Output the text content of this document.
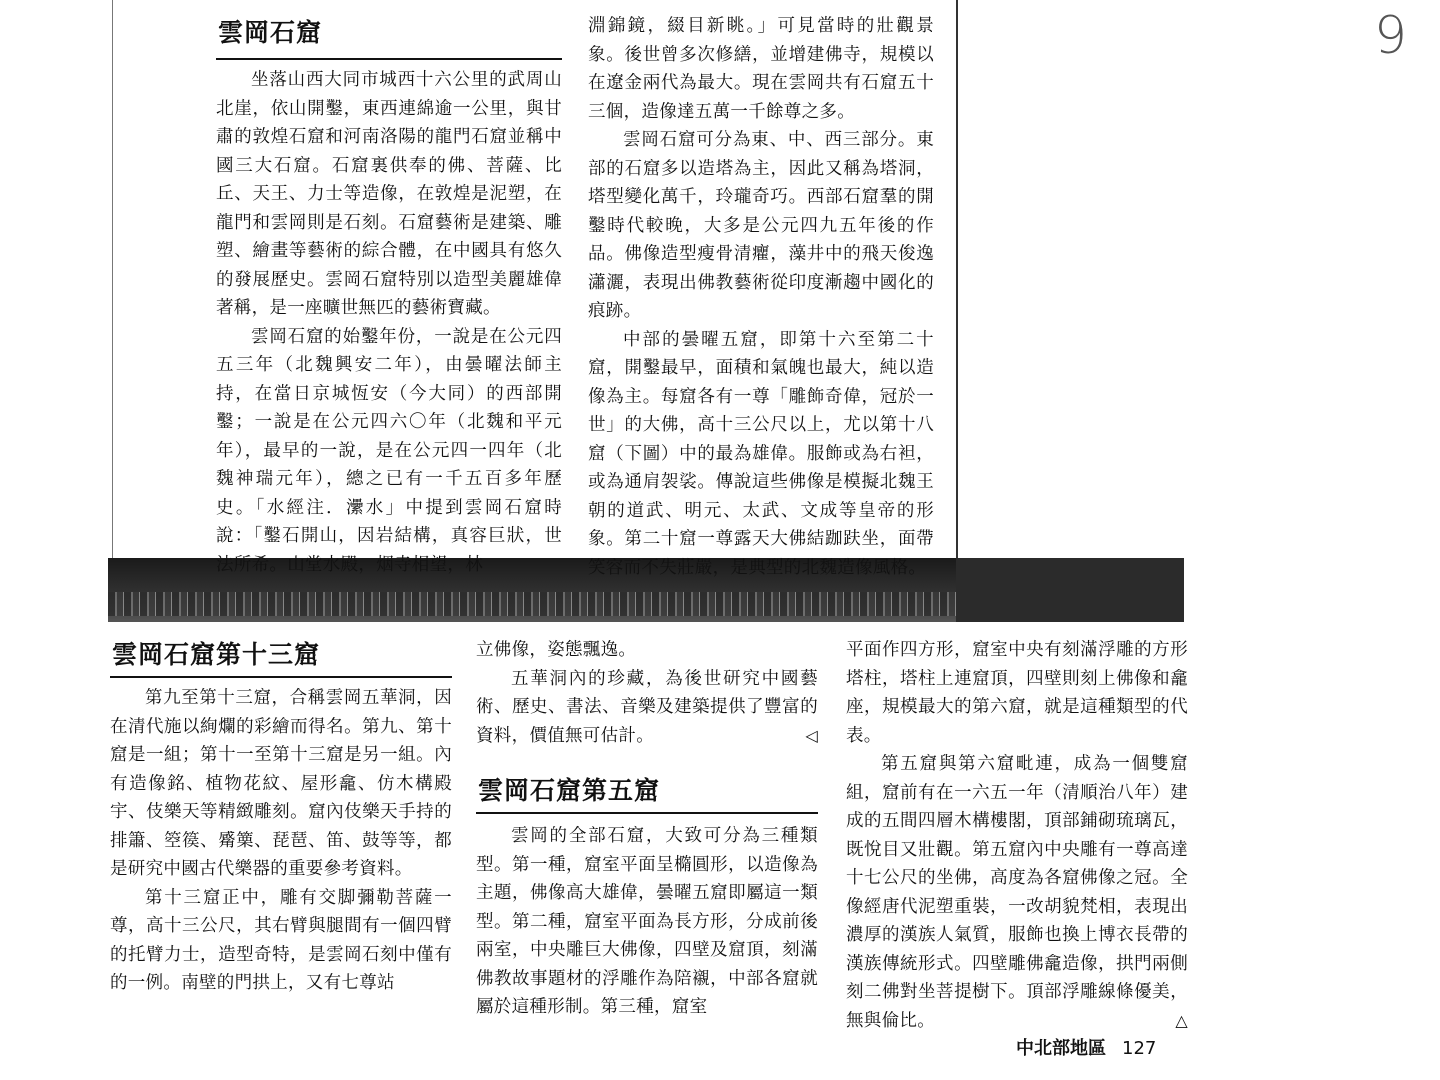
9
雲岡石窟

坐落山西大同市城西十六公里的武周山北崖，依山開鑿，東西連綿逾一公里，與甘肅的敦煌石窟和河南洛陽的龍門石窟並稱中國三大石窟。石窟裏供奉的佛、菩薩、比丘、天王、力士等造像，在敦煌是泥塑，在龍門和雲岡則是石刻。石窟藝術是建築、雕塑、繪畫等藝術的綜合體，在中國具有悠久的發展歷史。雲岡石窟特別以造型美麗雄偉著稱，是一座曠世無匹的藝術寶藏。

雲岡石窟的始鑿年份，一說是在公元四五三年（北魏興安二年），由曇曜法師主持，在當日京城恆安（今大同）的西部開鑿；一說是在公元四六〇年（北魏和平元年），最早的一說，是在公元四一四年（北魏神瑞元年），總之已有一千五百多年歷史。「水經注．㶟水」中提到雲岡石窟時說：「鑿石開山，因岩結構，真容巨狀，世法所希。山堂水殿，烟寺相望，林

淵錦鏡，綴目新眺。」可見當時的壯觀景象。後世曾多次修繕，並增建佛寺，規模以在遼金兩代為最大。現在雲岡共有石窟五十三個，造像達五萬一千餘尊之多。

雲岡石窟可分為東、中、西三部分。東部的石窟多以造塔為主，因此又稱為塔洞，塔型變化萬千，玲瓏奇巧。西部石窟羣的開鑿時代較晚，大多是公元四九五年後的作品。佛像造型瘦骨清癯，藻井中的飛天俊逸瀟灑，表現出佛教藝術從印度漸趨中國化的痕跡。

中部的曇曜五窟，即第十六至第二十窟，開鑿最早，面積和氣魄也最大，純以造像為主。每窟各有一尊「雕飾奇偉，冠於一世」的大佛，高十三公尺以上，尤以第十八窟（下圖）中的最為雄偉。服飾或為右袒，或為通肩袈裟。傳說這些佛像是模擬北魏王朝的道武、明元、太武、文成等皇帝的形象。第二十窟一尊露天大佛結跏趺坐，面帶笑容而不失莊嚴，是典型的北魏造像風格。

雲岡石窟第十三窟

第九至第十三窟，合稱雲岡五華洞，因在清代施以絢爛的彩繪而得名。第九、第十窟是一組；第十一至第十三窟是另一組。內有造像銘、植物花紋、屋形龕、仿木構殿宇、伎樂天等精緻雕刻。窟內伎樂天手持的排簫、箜篌、觱篥、琵琶、笛、鼓等等，都是研究中國古代樂器的重要參考資料。

第十三窟正中，雕有交脚彌勒菩薩一尊，高十三公尺，其右臂與腿間有一個四臂的托臂力士，造型奇特，是雲岡石刻中僅有的一例。南壁的門拱上，又有七尊站

立佛像，姿態飄逸。

五華洞內的珍藏，為後世研究中國藝術、歷史、書法、音樂及建築提供了豐富的資料，價值無可估計。	◁

雲岡石窟第五窟

雲岡的全部石窟，大致可分為三種類型。第一種，窟室平面呈橢圓形，以造像為主題，佛像高大雄偉，曇曜五窟即屬這一類型。第二種，窟室平面為長方形，分成前後兩室，中央雕巨大佛像，四壁及窟頂，刻滿佛教故事題材的浮雕作為陪襯，中部各窟就屬於這種形制。第三種，窟室

平面作四方形，窟室中央有刻滿浮雕的方形塔柱，塔柱上連窟頂，四壁則刻上佛像和龕座，規模最大的第六窟，就是這種類型的代表。

第五窟與第六窟毗連，成為一個雙窟組，窟前有在一六五一年（清順治八年）建成的五間四層木構樓閣，頂部鋪砌琉璃瓦，既悅目又壯觀。第五窟內中央雕有一尊高達十七公尺的坐佛，高度為各窟佛像之冠。全像經唐代泥塑重裝，一改胡貌梵相，表現出濃厚的漢族人氣質，服飾也換上博衣長帶的漢族傳統形式。四壁雕佛龕造像，拱門兩側刻二佛對坐菩提樹下。頂部浮雕線條優美，無與倫比。	△

中北部地區 127
